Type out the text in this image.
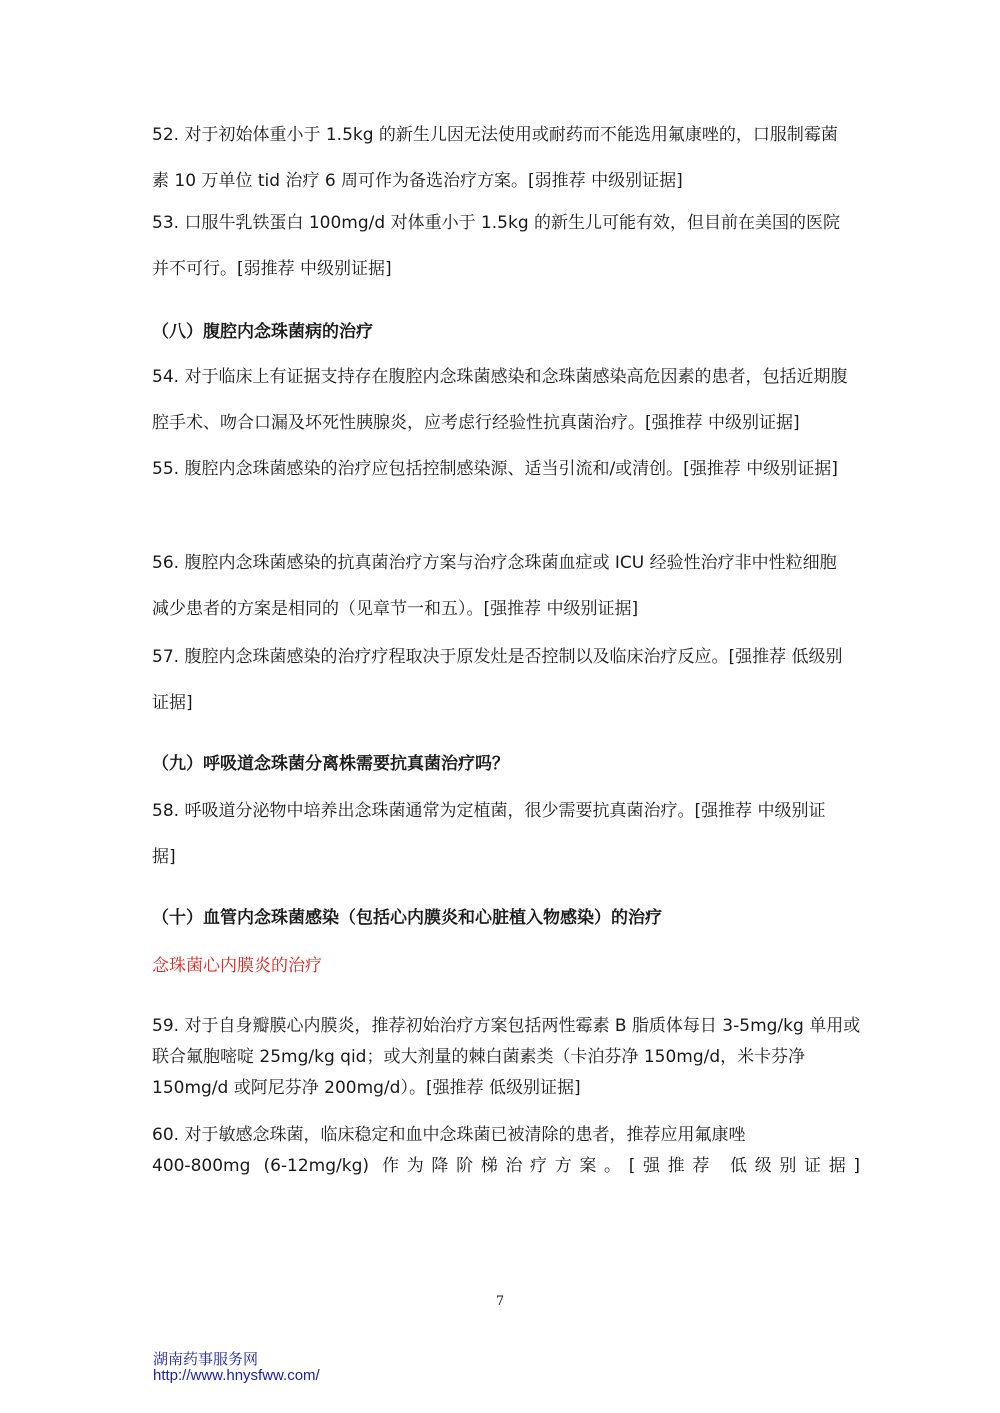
52. 对于初始体重小于 1.5kg 的新生儿因无法使用或耐药而不能选用氟康唑的，口服制霉菌素 10 万单位 tid 治疗 6 周可作为备选治疗方案。[弱推荐 中级别证据]

53. 口服牛乳铁蛋白 100mg/d 对体重小于 1.5kg 的新生儿可能有效，但目前在美国的医院并不可行。[弱推荐 中级别证据]

（八）腹腔内念珠菌病的治疗

54. 对于临床上有证据支持存在腹腔内念珠菌感染和念珠菌感染高危因素的患者，包括近期腹腔手术、吻合口漏及坏死性胰腺炎，应考虑行经验性抗真菌治疗。[强推荐 中级别证据]

55. 腹腔内念珠菌感染的治疗应包括控制感染源、适当引流和/或清创。[强推荐 中级别证据]

56. 腹腔内念珠菌感染的抗真菌治疗方案与治疗念珠菌血症或 ICU 经验性治疗非中性粒细胞减少患者的方案是相同的（见章节一和五）。[强推荐 中级别证据]

57. 腹腔内念珠菌感染的治疗疗程取决于原发灶是否控制以及临床治疗反应。[强推荐 低级别证据]

（九）呼吸道念珠菌分离株需要抗真菌治疗吗？

58. 呼吸道分泌物中培养出念珠菌通常为定植菌，很少需要抗真菌治疗。[强推荐 中级别证据]

（十）血管内念珠菌感染（包括心内膜炎和心脏植入物感染）的治疗

念珠菌心内膜炎的治疗

59. 对于自身瓣膜心内膜炎，推荐初始治疗方案包括两性霉素 B 脂质体每日 3-5mg/kg 单用或联合氟胞嘧啶 25mg/kg qid；或大剂量的棘白菌素类（卡泊芬净 150mg/d，米卡芬净 150mg/d 或阿尼芬净 200mg/d）。[强推荐 低级别证据]

60. 对于敏感念珠菌，临床稳定和血中念珠菌已被清除的患者，推荐应用氟康唑

400-800mg (6-12mg/kg) 作为降阶梯治疗方案。[强推荐 低级别证据]

7

湖南药事服务网

http://www.hnysfww.com/
